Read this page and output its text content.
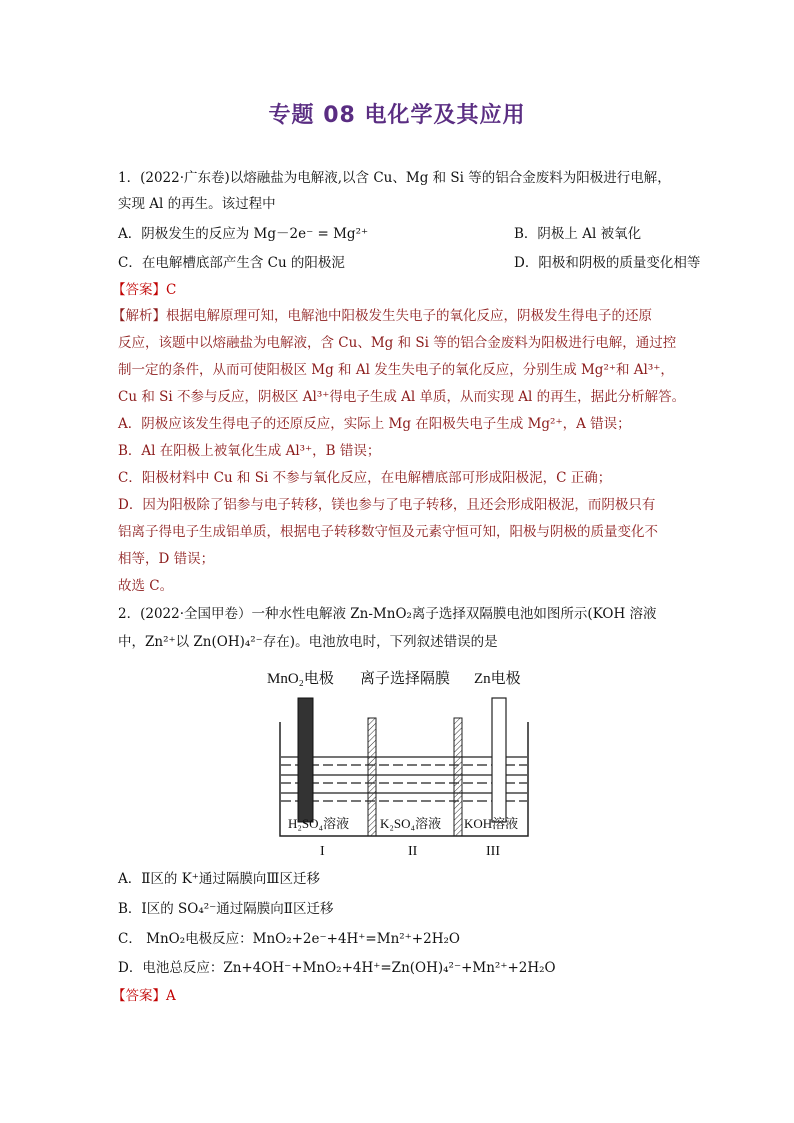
专题 08 电化学及其应用
1．(2022·广东卷)以熔融盐为电解液,以含 Cu、Mg 和 Si 等的铝合金废料为阳极进行电解，
实现 Al 的再生。该过程中
A．阴极发生的反应为 Mg－2e⁻ = Mg²⁺	B．阴极上 Al 被氧化
C．在电解槽底部产生含 Cu 的阳极泥	D．阳极和阴极的质量变化相等
【答案】C
【解析】根据电解原理可知，电解池中阳极发生失电子的氧化反应，阴极发生得电子的还原
反应，该题中以熔融盐为电解液，含 Cu、Mg 和 Si 等的铝合金废料为阳极进行电解，通过控
制一定的条件，从而可使阳极区 Mg 和 Al 发生失电子的氧化反应，分别生成 Mg²⁺和 Al³⁺，
Cu 和 Si 不参与反应，阴极区 Al³⁺得电子生成 Al 单质，从而实现 Al 的再生，据此分析解答。
A．阴极应该发生得电子的还原反应，实际上 Mg 在阳极失电子生成 Mg²⁺，A 错误；
B．Al 在阳极上被氧化生成 Al³⁺，B 错误；
C．阳极材料中 Cu 和 Si 不参与氧化反应，在电解槽底部可形成阳极泥，C 正确；
D．因为阳极除了铝参与电子转移，镁也参与了电子转移，且还会形成阳极泥，而阴极只有
铝离子得电子生成铝单质，根据电子转移数守恒及元素守恒可知，阳极与阴极的质量变化不
相等，D 错误；
故选 C。
2．(2022·全国甲卷）一种水性电解液 Zn-MnO₂离子选择双隔膜电池如图所示(KOH 溶液
中，Zn²⁺以 Zn(OH)₄²⁻存在)。电池放电时，下列叙述错误的是
MnO₂电极 离子选择隔膜 Zn电极
H₂SO₄溶液 K₂SO₄溶液 KOH溶液
I	II	III
A．Ⅱ区的 K⁺通过隔膜向Ⅲ区迁移
B．Ⅰ区的 SO₄²⁻通过隔膜向Ⅱ区迁移
C． MnO₂电极反应：MnO₂+2e⁻+4H⁺=Mn²⁺+2H₂O
D．电池总反应：Zn+4OH⁻+MnO₂+4H⁺=Zn(OH)₄²⁻+Mn²⁺+2H₂O
【答案】A
